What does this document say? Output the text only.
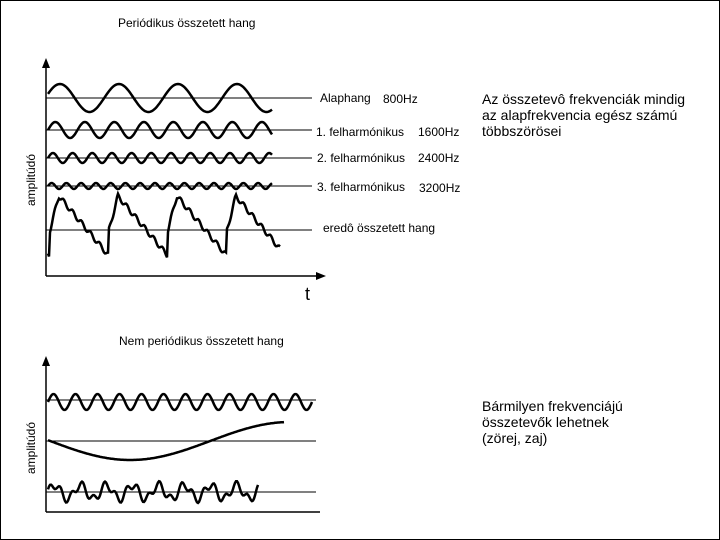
Periódikus összetett hang
amplitúdó
t
Alaphang 800Hz
1. felharmónikus 1600Hz
2. felharmónikus 2400Hz
3. felharmónikus 3200Hz
eredô összetett hang
Az összetevô frekvenciák mindig
az alapfrekvencia egész számú
többszörösei
Nem periódikus összetett hang
amplitúdó
Bármilyen frekvenciájú
összetevők lehetnek
(zörej, zaj)
